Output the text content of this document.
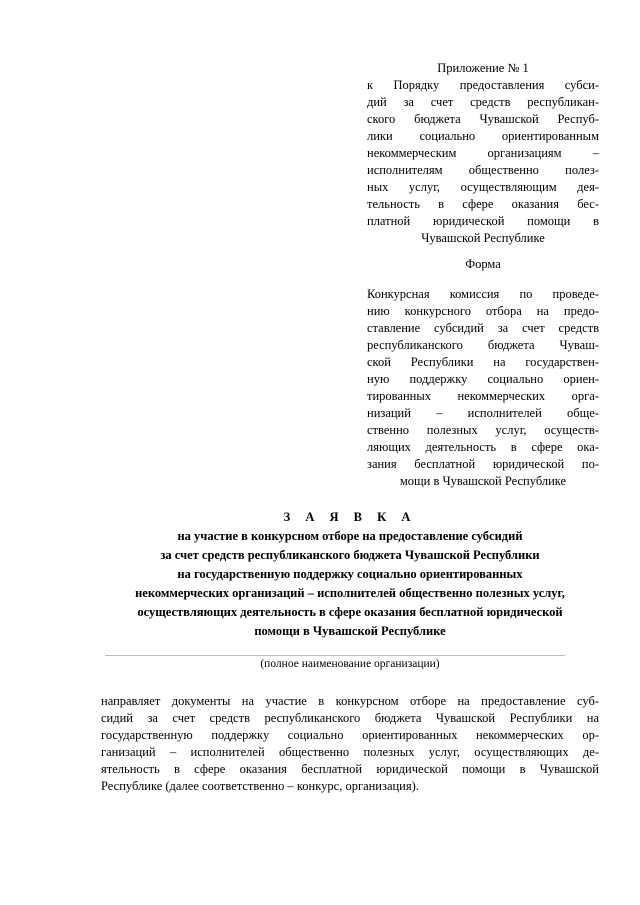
Приложение № 1
к Порядку предоставления субси-
дий за счет средств республикан-
ского бюджета Чувашской Респуб-
лики социально ориентированным
некоммерческим организациям –
исполнителям общественно полез-
ных услуг, осуществляющим дея-
тельность в сфере оказания бес-
платной юридической помощи в
Чувашской Республике
Форма
Конкурсная комиссия по проведе-
нию конкурсного отбора на предо-
ставление субсидий за счет средств
республиканского бюджета Чуваш-
ской Республики на государствен-
ную поддержку социально ориен-
тированных некоммерческих орга-
низаций – исполнителей обще-
ственно полезных услуг, осуществ-
ляющих деятельность в сфере ока-
зания бесплатной юридической по-
мощи в Чувашской Республике
З А Я В К А
на участие в конкурсном отборе на предоставление субсидий
за счет средств республиканского бюджета Чувашской Республики
на государственную поддержку социально ориентированных
некоммерческих организаций – исполнителей общественно полезных услуг,
осуществляющих деятельность в сфере оказания бесплатной юридической
помощи в Чувашской Республике
(полное наименование организации)
направляет документы на участие в конкурсном отборе на предоставление суб-
сидий за счет средств республиканского бюджета Чувашской Республики на
государственную поддержку социально ориентированных некоммерческих ор-
ганизаций – исполнителей общественно полезных услуг, осуществляющих де-
ятельность в сфере оказания бесплатной юридической помощи в Чувашской
Республике (далее соответственно – конкурс, организация).
